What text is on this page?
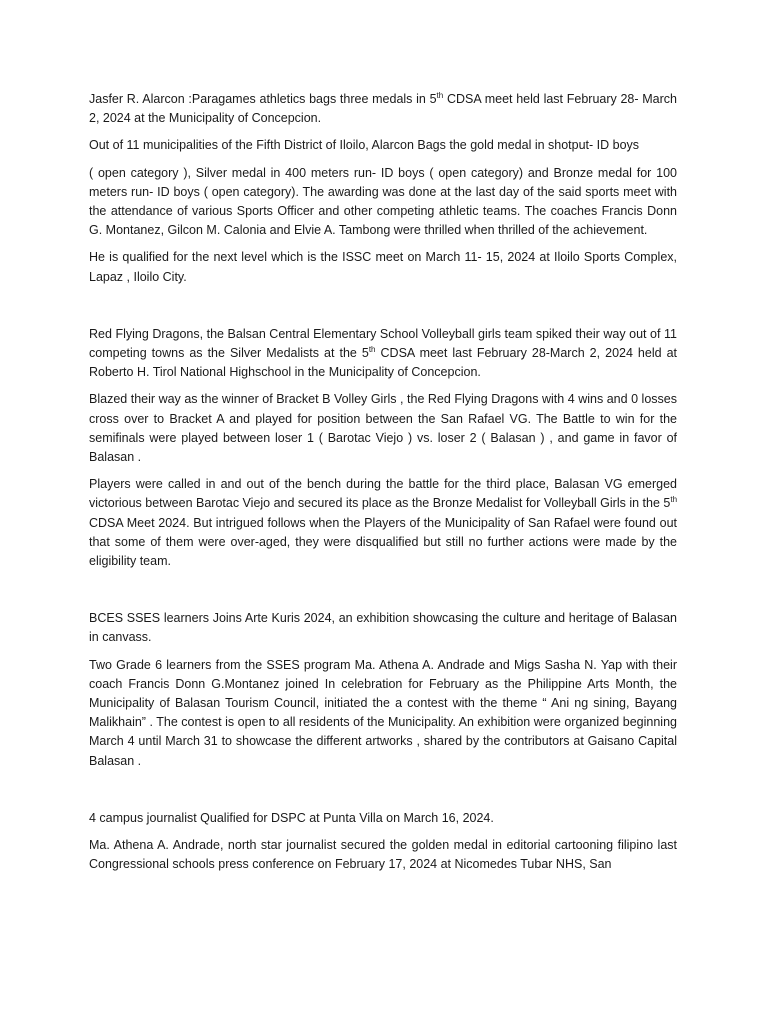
Jasfer R. Alarcon :Paragames athletics bags three medals in 5th CDSA meet held last February 28- March 2, 2024 at the Municipality of Concepcion.

Out of 11 municipalities of the Fifth District of Iloilo, Alarcon Bags the gold medal in shotput- ID boys

( open category ), Silver medal in 400 meters run- ID boys ( open category) and Bronze medal for 100 meters run- ID boys ( open category). The awarding was done at the last day of the said sports meet with the attendance of various Sports Officer and other competing athletic teams. The coaches Francis Donn G. Montanez, Gilcon M. Calonia and Elvie A. Tambong were thrilled when thrilled of the achievement.

He is qualified for the next level which is the ISSC meet on March 11- 15, 2024 at Iloilo Sports Complex, Lapaz , Iloilo City.

Red Flying Dragons, the Balsan Central Elementary School Volleyball girls team spiked their way out of 11 competing towns as the Silver Medalists at the 5th CDSA meet last February 28-March 2, 2024 held at Roberto H. Tirol National Highschool in the Municipality of Concepcion.

Blazed their way as the winner of Bracket B Volley Girls , the Red Flying Dragons with 4 wins and 0 losses cross over to Bracket A and played for position between the San Rafael VG. The Battle to win for the semifinals were played between loser 1 ( Barotac Viejo ) vs. loser 2 ( Balasan ) , and game in favor of Balasan .

Players were called in and out of the bench during the battle for the third place, Balasan VG emerged victorious between Barotac Viejo and secured its place as the Bronze Medalist for Volleyball Girls in the 5th CDSA Meet 2024. But intrigued follows when the Players of the Municipality of San Rafael were found out that some of them were over-aged, they were disqualified but still no further actions were made by the eligibility team.

BCES SSES learners Joins Arte Kuris 2024, an exhibition showcasing the culture and heritage of Balasan in canvass.

Two Grade 6 learners from the SSES program Ma. Athena A. Andrade and Migs Sasha N. Yap with their coach Francis Donn G.Montanez joined In celebration for February as the Philippine Arts Month, the Municipality of Balasan Tourism Council, initiated the a contest with the theme “ Ani ng sining, Bayang Malikhain” . The contest is open to all residents of the Municipality. An exhibition were organized beginning March 4 until March 31 to showcase the different artworks , shared by the contributors at Gaisano Capital Balasan .

4 campus journalist Qualified for DSPC at Punta Villa on March 16, 2024.

Ma. Athena A. Andrade, north star journalist secured the golden medal in editorial cartooning filipino last Congressional schools press conference on February 17, 2024 at Nicomedes Tubar NHS, San
